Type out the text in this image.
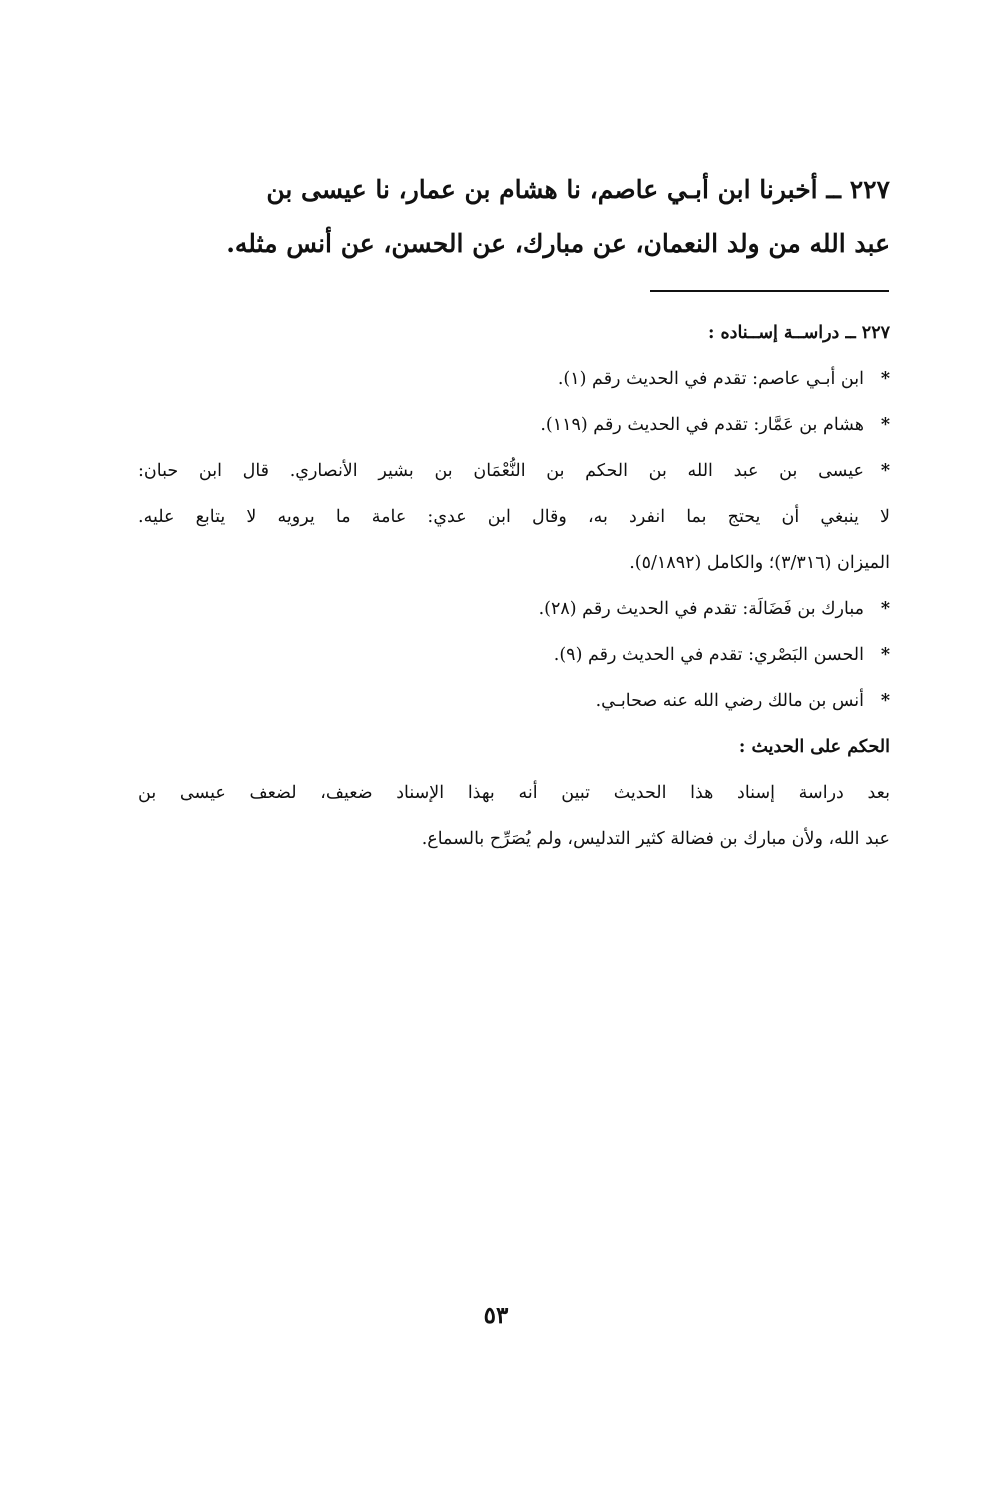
٢٢٧ ــ أخبرنا ابن أبـي عاصم، نا هشام بن عمار، نا عيسى بن
عبد الله من ولد النعمان، عن مبارك، عن الحسن، عن أنس مثله.
٢٢٧ ــ دراســة إســناده :
*ابن أبـي عاصم: تقدم في الحديث رقم (١).
*هشام بن عَمَّار: تقدم في الحديث رقم (١١٩).
*عيسى بن عبد الله بن الحكم بن النُّعْمَان بن بشير الأنصاري. قال ابن حبان:
لا ينبغي أن يحتج بما انفرد به، وقال ابن عدي: عامة ما يرويه لا يتابع عليه.
الميزان (٣/٣١٦)؛ والكامل (٥/١٨٩٢).
*مبارك بن فَضَالَة: تقدم في الحديث رقم (٢٨).
*الحسن البَصْري: تقدم في الحديث رقم (٩).
*أنس بن مالك رضي الله عنه صحابـي.
الحكم على الحديث :
بعد دراسة إسناد هذا الحديث تبين أنه بهذا الإسناد ضعيف، لضعف عيسى بن
عبد الله، ولأن مبارك بن فضالة كثير التدليس، ولم يُصَرِّح بالسماع.
٥٣
